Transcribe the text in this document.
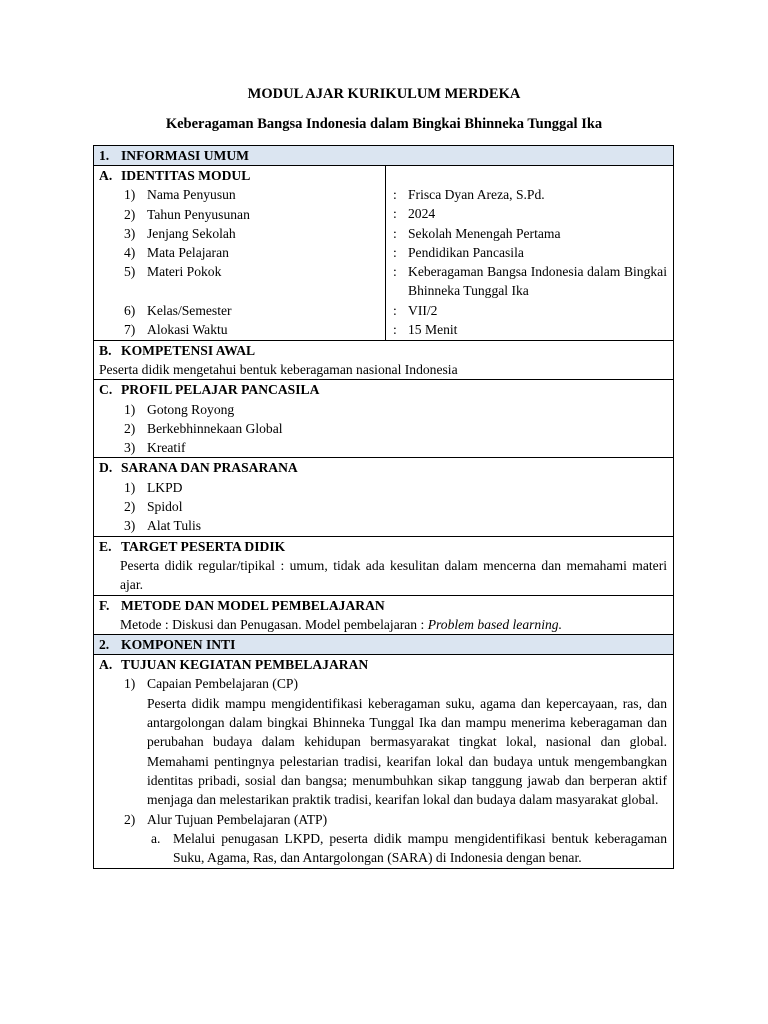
MODUL AJAR KURIKULUM MERDEKA
Keberagaman Bangsa Indonesia dalam Bingkai Bhinneka Tunggal Ika
1. INFORMASI UMUM
A. IDENTITAS MODUL
1) Nama Penyusun
2) Tahun Penyusunan
3) Jenjang Sekolah
4) Mata Pelajaran
5) Materi Pokok
6) Kelas/Semester
7) Alokasi Waktu
: Frisca Dyan Areza, S.Pd.
: 2024
: Sekolah Menengah Pertama
: Pendidikan Pancasila
: Keberagaman Bangsa Indonesia dalam Bingkai Bhinneka Tunggal Ika
: VII/2
: 15 Menit
B. KOMPETENSI AWAL
Peserta didik mengetahui bentuk keberagaman nasional Indonesia
C. PROFIL PELAJAR PANCASILA
1) Gotong Royong
2) Berkebhinnekaan Global
3) Kreatif
D. SARANA DAN PRASARANA
1) LKPD
2) Spidol
3) Alat Tulis
E. TARGET PESERTA DIDIK
Peserta didik regular/tipikal : umum, tidak ada kesulitan dalam mencerna dan memahami materi ajar.
F. METODE DAN MODEL PEMBELAJARAN
Metode : Diskusi dan Penugasan. Model pembelajaran : Problem based learning.
2. KOMPONEN INTI
A. TUJUAN KEGIATAN PEMBELAJARAN
1) Capaian Pembelajaran (CP)
Peserta didik mampu mengidentifikasi keberagaman suku, agama dan kepercayaan, ras, dan antargolongan dalam bingkai Bhinneka Tunggal Ika dan mampu menerima keberagaman dan perubahan budaya dalam kehidupan bermasyarakat tingkat lokal, nasional dan global. Memahami pentingnya pelestarian tradisi, kearifan lokal dan budaya untuk mengembangkan identitas pribadi, sosial dan bangsa; menumbuhkan sikap tanggung jawab dan berperan aktif menjaga dan melestarikan praktik tradisi, kearifan lokal dan budaya dalam masyarakat global.
2) Alur Tujuan Pembelajaran (ATP)
a. Melalui penugasan LKPD, peserta didik mampu mengidentifikasi bentuk keberagaman Suku, Agama, Ras, dan Antargolongan (SARA) di Indonesia dengan benar.
